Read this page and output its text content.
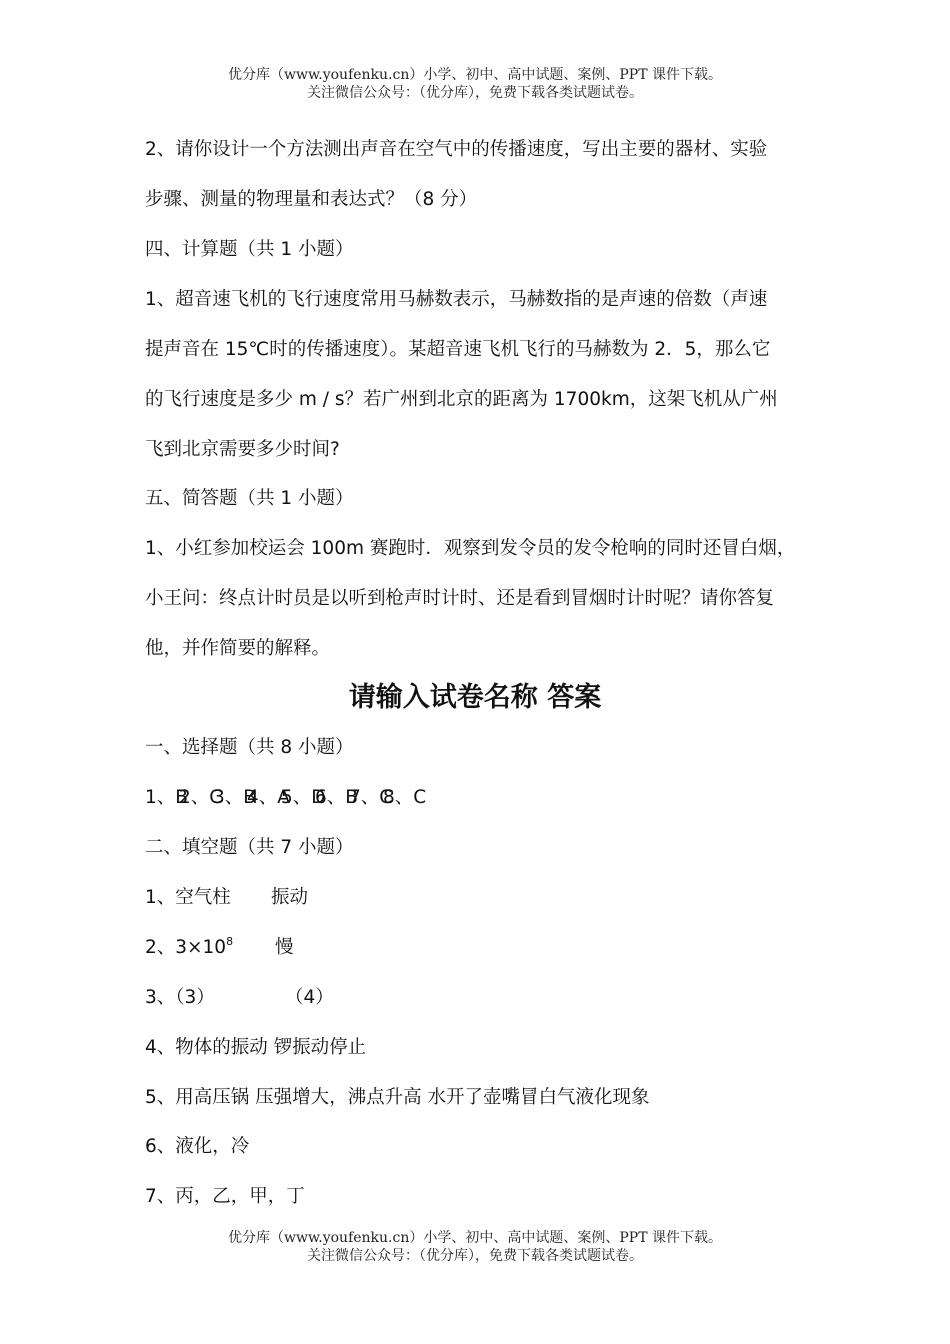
优分库（www.youfenku.cn）小学、初中、高中试题、案例、PPT 课件下载。
关注微信公众号：（优分库），免费下载各类试题试卷。
2、请你设计一个方法测出声音在空气中的传播速度，写出主要的器材、实验
步骤、测量的物理量和表达式？（8 分）
四、计算题（共 1 小题）
1、超音速飞机的飞行速度常用马赫数表示，马赫数指的是声速的倍数（声速
提声音在 15℃时的传播速度）。某超音速飞机飞行的马赫数为 2．5，那么它
的飞行速度是多少 m / s？若广州到北京的距离为 1700km，这架飞机从广州
飞到北京需要多少时间?
五、简答题（共 1 小题）
1、小红参加校运会 100m 赛跑时．观察到发令员的发令枪响的同时还冒白烟，
小王问：终点计时员是以听到枪声时计时、还是看到冒烟时计时呢？请你答复
他，并作简要的解释。
请输入试卷名称 答案
一、选择题（共 8 小题）
1、B2、C3、B4、A5、D6、B7、C8、C
二、填空题（共 7 小题）
1、空气柱 振动
2、$3\times 10^8$ 慢
3、（3）	（4）
4、物体的振动 锣振动停止
5、用高压锅 压强增大，沸点升高 水开了壶嘴冒白气液化现象
6、液化，冷
7、丙，乙，甲，丁
优分库（www.youfenku.cn）小学、初中、高中试题、案例、PPT 课件下载。
关注微信公众号：（优分库），免费下载各类试题试卷。
